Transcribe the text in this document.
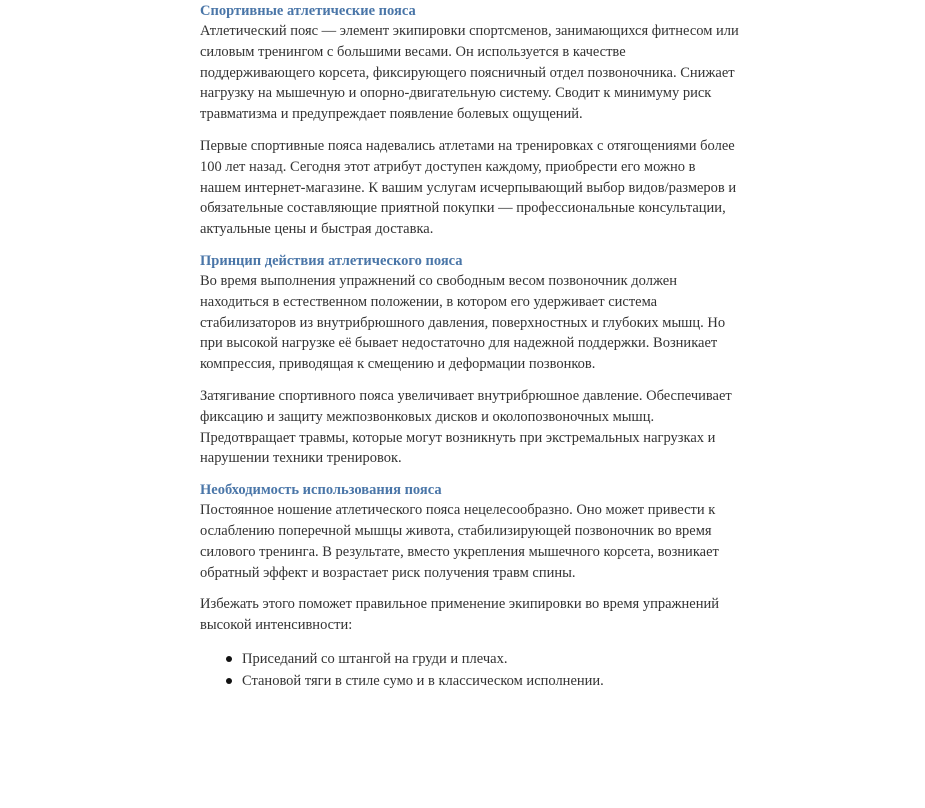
Спортивные атлетические пояса

Атлетический пояс — элемент экипировки спортсменов, занимающихся фитнесом или силовым тренингом с большими весами. Он используется в качестве поддерживающего корсета, фиксирующего поясничный отдел позвоночника. Снижает нагрузку на мышечную и опорно-двигательную систему. Сводит к минимуму риск травматизма и предупреждает появление болевых ощущений.

Первые спортивные пояса надевались атлетами на тренировках с отягощениями более 100 лет назад. Сегодня этот атрибут доступен каждому, приобрести его можно в нашем интернет-магазине. К вашим услугам исчерпывающий выбор видов/размеров и обязательные составляющие приятной покупки — профессиональные консультации, актуальные цены и быстрая доставка.

Принцип действия атлетического пояса

Во время выполнения упражнений со свободным весом позвоночник должен находиться в естественном положении, в котором его удерживает система стабилизаторов из внутрибрюшного давления, поверхностных и глубоких мышц. Но при высокой нагрузке её бывает недостаточно для надежной поддержки. Возникает компрессия, приводящая к смещению и деформации позвонков.

Затягивание спортивного пояса увеличивает внутрибрюшное давление. Обеспечивает фиксацию и защиту межпозвонковых дисков и околопозвоночных мышц. Предотвращает травмы, которые могут возникнуть при экстремальных нагрузках и нарушении техники тренировок.

Необходимость использования пояса

Постоянное ношение атлетического пояса нецелесообразно. Оно может привести к ослаблению поперечной мышцы живота, стабилизирующей позвоночник во время силового тренинга. В результате, вместо укрепления мышечного корсета, возникает обратный эффект и возрастает риск получения травм спины.

Избежать этого поможет правильное применение экипировки во время упражнений высокой интенсивности:

Приседаний со штангой на груди и плечах.
Становой тяги в стиле сумо и в классическом исполнении.
